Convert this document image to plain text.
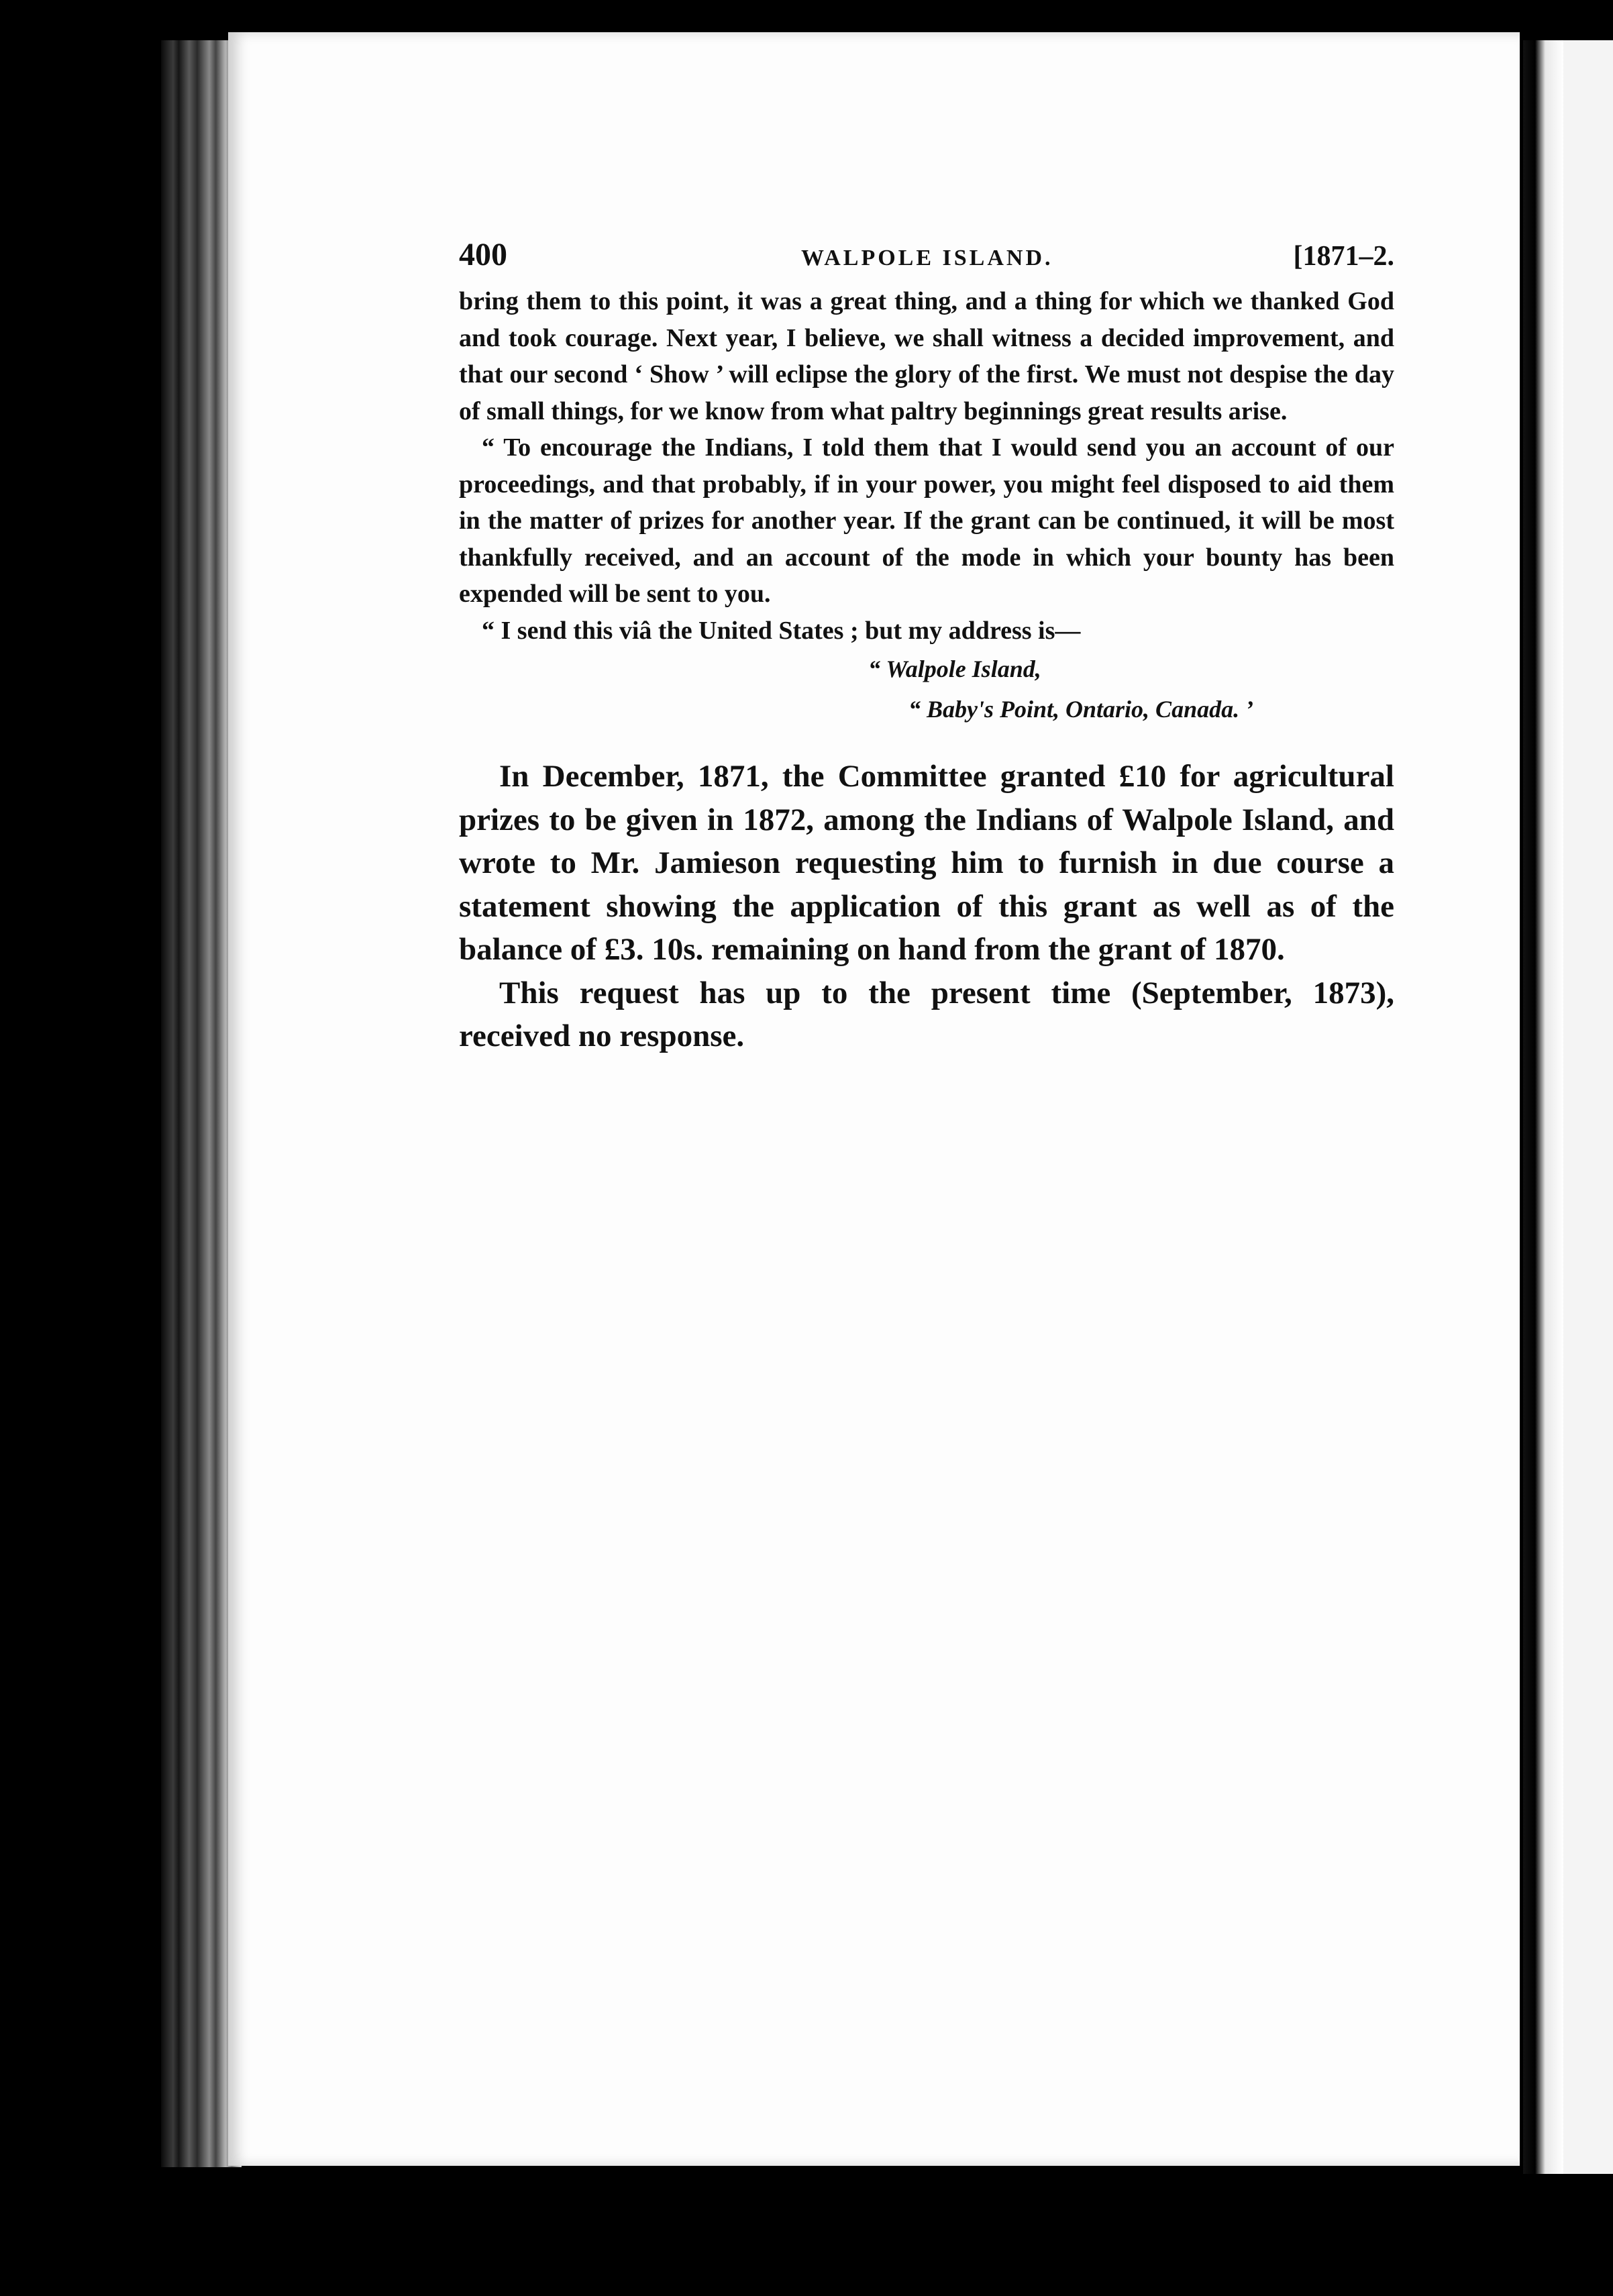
400	WALPOLE ISLAND.	[1871–2.

bring them to this point, it was a great thing, and a thing for which we thanked God and took courage. Next year, I believe, we shall witness a decided improvement, and that our second ‘ Show ’ will eclipse the glory of the first. We must not despise the day of small things, for we know from what paltry beginnings great results arise.

“ To encourage the Indians, I told them that I would send you an account of our proceedings, and that probably, if in your power, you might feel disposed to aid them in the matter of prizes for another year. If the grant can be continued, it will be most thankfully received, and an account of the mode in which your bounty has been expended will be sent to you.

“ I send this viâ the United States ; but my address is—

“ Walpole Island,
“ Baby's Point, Ontario, Canada. ’

In December, 1871, the Committee granted £10 for agricultural prizes to be given in 1872, among the Indians of Walpole Island, and wrote to Mr. Jamieson requesting him to furnish in due course a statement showing the application of this grant as well as of the balance of £3. 10s. remaining on hand from the grant of 1870.

This request has up to the present time (September, 1873), received no response.
